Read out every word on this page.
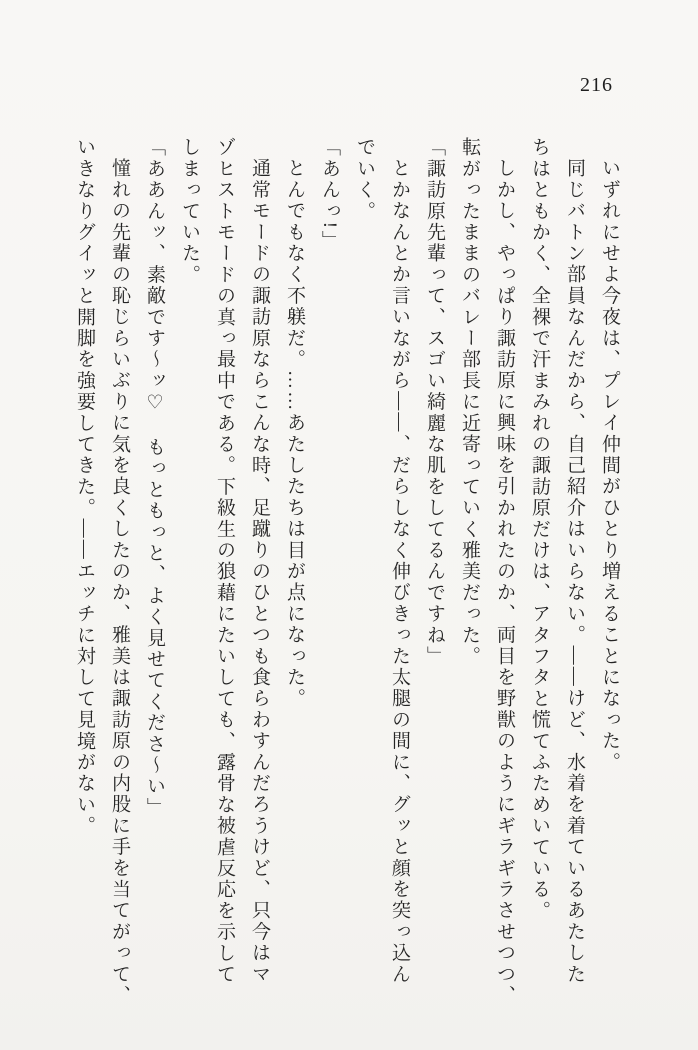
216

いずれにせよ今夜は、プレイ仲間がひとり増えることになった。

同じバトン部員なんだから、自己紹介はいらない。――けど、水着を着ているあたした

ちはともかく、全裸で汗まみれの諏訪原だけは、アタフタと慌てふためいている。

しかし、やっぱり諏訪原に興味を引かれたのか、両目を野獣のようにギラギラさせつつ、

転がったままのバレー部長に近寄っていく雅美だった。

「諏訪原先輩って、スゴい綺麗な肌をしてるんですね」

とかなんとか言いながら――、だらしなく伸びきった太腿の間に、グッと顔を突っ込ん

でいく。

「あんっ!」

とんでもなく不躾だ。……あたしたちは目が点になった。

通常モードの諏訪原ならこんな時、足蹴りのひとつも食らわすんだろうけど、只今はマ

ゾヒストモードの真っ最中である。下級生の狼藉にたいしても、露骨な被虐反応を示して

しまっていた。

「ああんッ、素敵です〜ッ♡　もっともっと、よく見せてくださ〜い」

憧れの先輩の恥じらいぶりに気を良くしたのか、雅美は諏訪原の内股に手を当てがって、

いきなりグイッと開脚を強要してきた。――エッチに対して見境がない。
